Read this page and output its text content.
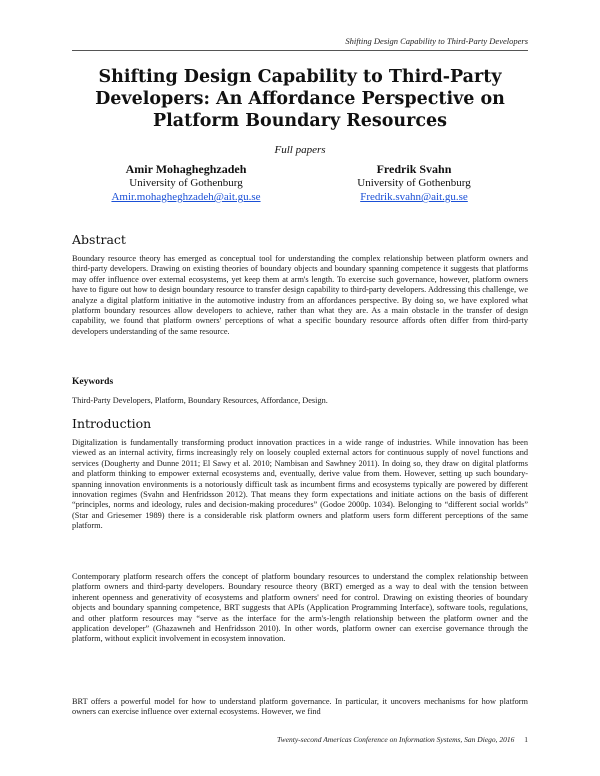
Shifting Design Capability to Third-Party Developers
Shifting Design Capability to Third-Party Developers: An Affordance Perspective on Platform Boundary Resources
Full papers
Amir Mohagheghzadeh
University of Gothenburg
Amir.mohagheghzadeh@ait.gu.se
Fredrik Svahn
University of Gothenburg
Fredrik.svahn@ait.gu.se
Abstract
Boundary resource theory has emerged as conceptual tool for understanding the complex relationship between platform owners and third-party developers. Drawing on existing theories of boundary objects and boundary spanning competence it suggests that platforms may offer influence over external ecosystems, yet keep them at arm's length. To exercise such governance, however, platform owners have to figure out how to design boundary resource to transfer design capability to third-party developers. Addressing this challenge, we analyze a digital platform initiative in the automotive industry from an affordances perspective. By doing so, we have explored what platform boundary resources allow developers to achieve, rather than what they are. As a main obstacle in the transfer of design capability, we found that platform owners' perceptions of what a specific boundary resource affords often differ from third-party developers understanding of the same resource.
Keywords
Third-Party Developers, Platform, Boundary Resources, Affordance, Design.
Introduction
Digitalization is fundamentally transforming product innovation practices in a wide range of industries. While innovation has been viewed as an internal activity, firms increasingly rely on loosely coupled external actors for continuous supply of novel functions and services (Dougherty and Dunne 2011; El Sawy et al. 2010; Nambisan and Sawhney 2011). In doing so, they draw on digital platforms and platform thinking to empower external ecosystems and, eventually, derive value from them. However, setting up such boundary-spanning innovation environments is a notoriously difficult task as incumbent firms and ecosystems typically are powered by different innovation regimes (Svahn and Henfridsson 2012). That means they form expectations and initiate actions on the basis of different “principles, norms and ideology, rules and decision-making procedures” (Godoe 2000p. 1034). Belonging to “different social worlds” (Star and Griesemer 1989) there is a considerable risk platform owners and platform users form different perceptions of the same platform.
Contemporary platform research offers the concept of platform boundary resources to understand the complex relationship between platform owners and third-party developers. Boundary resource theory (BRT) emerged as a way to deal with the tension between inherent openness and generativity of ecosystems and platform owners' need for control. Drawing on existing theories of boundary objects and boundary spanning competence, BRT suggests that APIs (Application Programming Interface), software tools, regulations, and other platform resources may “serve as the interface for the arm's-length relationship between the platform owner and the application developer” (Ghazawneh and Henfridsson 2010). In other words, platform owner can exercise governance through the platform, without explicit involvement in ecosystem innovation.
BRT offers a powerful model for how to understand platform governance. In particular, it uncovers mechanisms for how platform owners can exercise influence over external ecosystems. However, we find
Twenty-second Americas Conference on Information Systems, San Diego, 2016 1
